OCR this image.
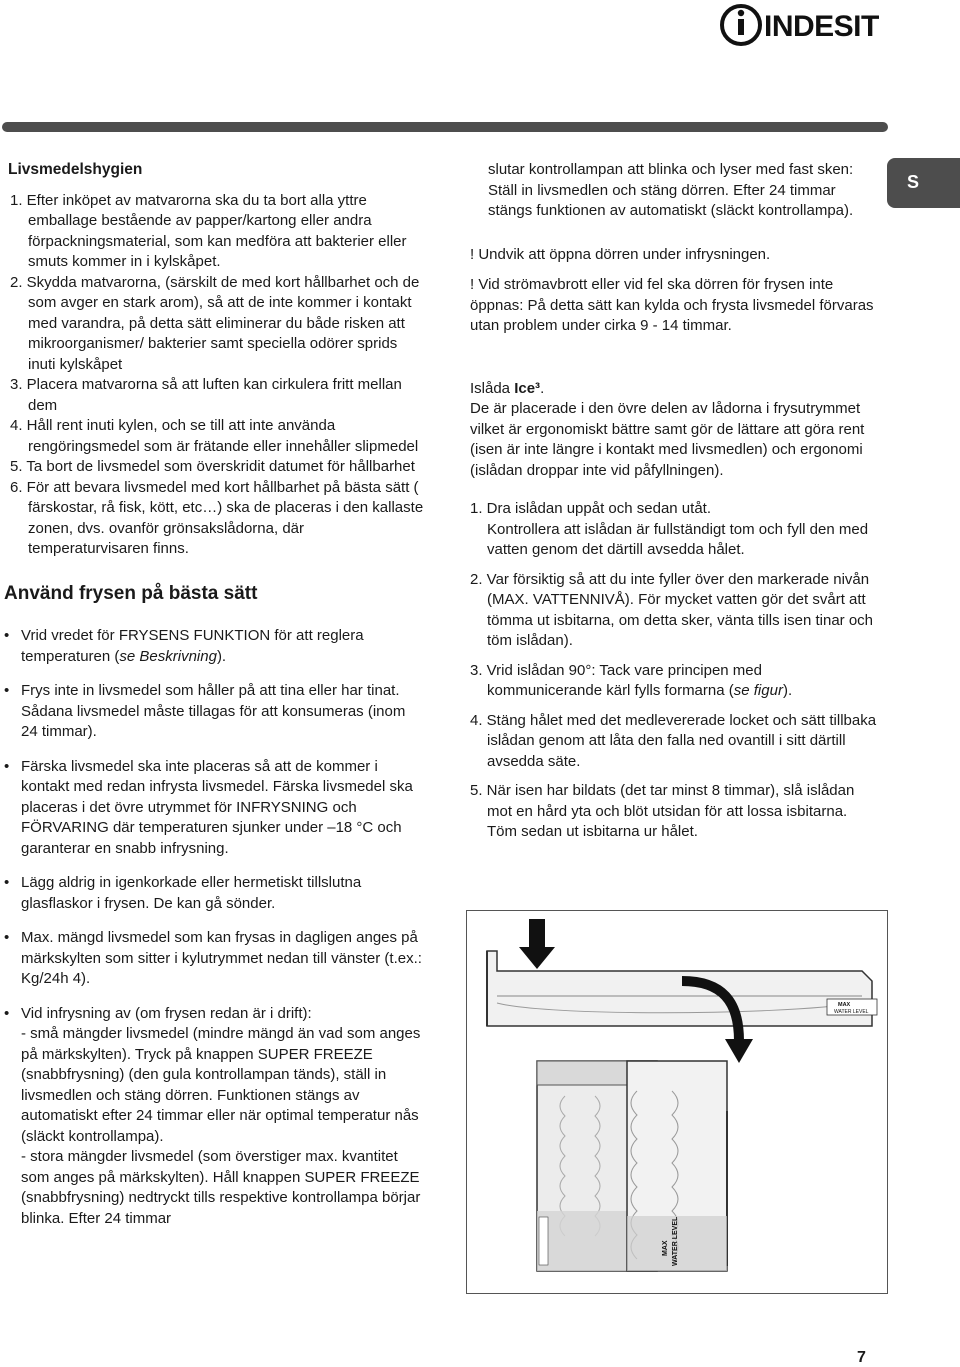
INDESIT
S
Livsmedelshygien
1. Efter inköpet av matvarorna ska du ta bort alla yttre emballage bestående av papper/kartong eller andra förpackningsmaterial, som kan medföra att bakterier eller smuts kommer in i kylskåpet.
2. Skydda matvarorna, (särskilt de med kort hållbarhet och de som avger en stark arom), så att de inte kommer i kontakt med varandra, på detta sätt eliminerar du både risken att mikroorganismer/ bakterier samt speciella odörer sprids inuti kylskåpet
3. Placera matvarorna så att luften kan cirkulera fritt mellan dem
4. Håll rent inuti kylen, och se till att inte använda rengöringsmedel som är frätande eller innehåller slipmedel
5. Ta bort de livsmedel som överskridit datumet för hållbarhet
6. För att bevara livsmedel med kort hållbarhet på bästa sätt ( färskostar, rå fisk, kött, etc…) ska de placeras i den kallaste zonen, dvs. ovanför grönsakslådorna, där temperaturvisaren finns.
Använd frysen på bästa sätt
• Vrid vredet för FRYSENS FUNKTION för att reglera temperaturen (se Beskrivning).
• Frys inte in livsmedel som håller på att tina eller har tinat. Sådana livsmedel måste tillagas för att konsumeras (inom 24 timmar).
• Färska livsmedel ska inte placeras så att de kommer i kontakt med redan infrysta livsmedel. Färska livsmedel ska placeras i det övre utrymmet för INFRYSNING och FÖRVARING där temperaturen sjunker under –18 °C och garanterar en snabb infrysning.
• Lägg aldrig in igenkorkade eller hermetiskt tillslutna glasflaskor i frysen. De kan gå sönder.
• Max. mängd livsmedel som kan frysas in dagligen anges på märkskylten som sitter i kylutrymmet nedan till vänster (t.ex.: Kg/24h 4).
• Vid infrysning av (om frysen redan är i drift):
- små mängder livsmedel (mindre mängd än vad som anges på märkskylten). Tryck på knappen SUPER FREEZE (snabbfrysning) (den gula kontrollampan tänds), ställ in livsmedlen och stäng dörren. Funktionen stängs av automatiskt efter 24 timmar eller när optimal temperatur nås (släckt kontrollampa).
- stora mängder livsmedel (som överstiger max. kvantitet som anges på märkskylten). Håll knappen SUPER FREEZE (snabbfrysning) nedtryckt tills respektive kontrollampa börjar blinka. Efter 24 timmar
slutar kontrollampan att blinka och lyser med fast sken: Ställ in livsmedlen och stäng dörren. Efter 24 timmar stängs funktionen av automatiskt (släckt kontrollampa).
! Undvik att öppna dörren under infrysningen.
! Vid strömavbrott eller vid fel ska dörren för frysen inte öppnas: På detta sätt kan kylda och frysta livsmedel förvaras utan problem under cirka 9 - 14 timmar.
Islåda Ice³.
De är placerade i den övre delen av lådorna i frysutrymmet vilket är ergonomiskt bättre samt gör de lättare att göra rent (isen är inte längre i kontakt med livsmedlen) och ergonomi (islådan droppar inte vid påfyllningen).
1. Dra islådan uppåt och sedan utåt.
Kontrollera att islådan är fullständigt tom och fyll den med vatten genom det därtill avsedda hålet.
2. Var försiktig så att du inte fyller över den markerade nivån (MAX. VATTENNIVÅ). För mycket vatten gör det svårt att tömma ut isbitarna, om detta sker, vänta tills isen tinar och töm islådan).
3. Vrid islådan 90°: Tack vare principen med kommunicerande kärl fylls formarna (se figur).
4. Stäng hålet med det medlevererade locket och sätt tillbaka islådan genom att låta den falla ned ovantill i sitt därtill avsedda säte.
5. När isen har bildats (det tar minst 8 timmar), slå islådan mot en hård yta och blöt utsidan för att lossa isbitarna. Töm sedan ut isbitarna ur hålet.
MAX
WATER LEVEL
MAX WATER LEVEL
7
